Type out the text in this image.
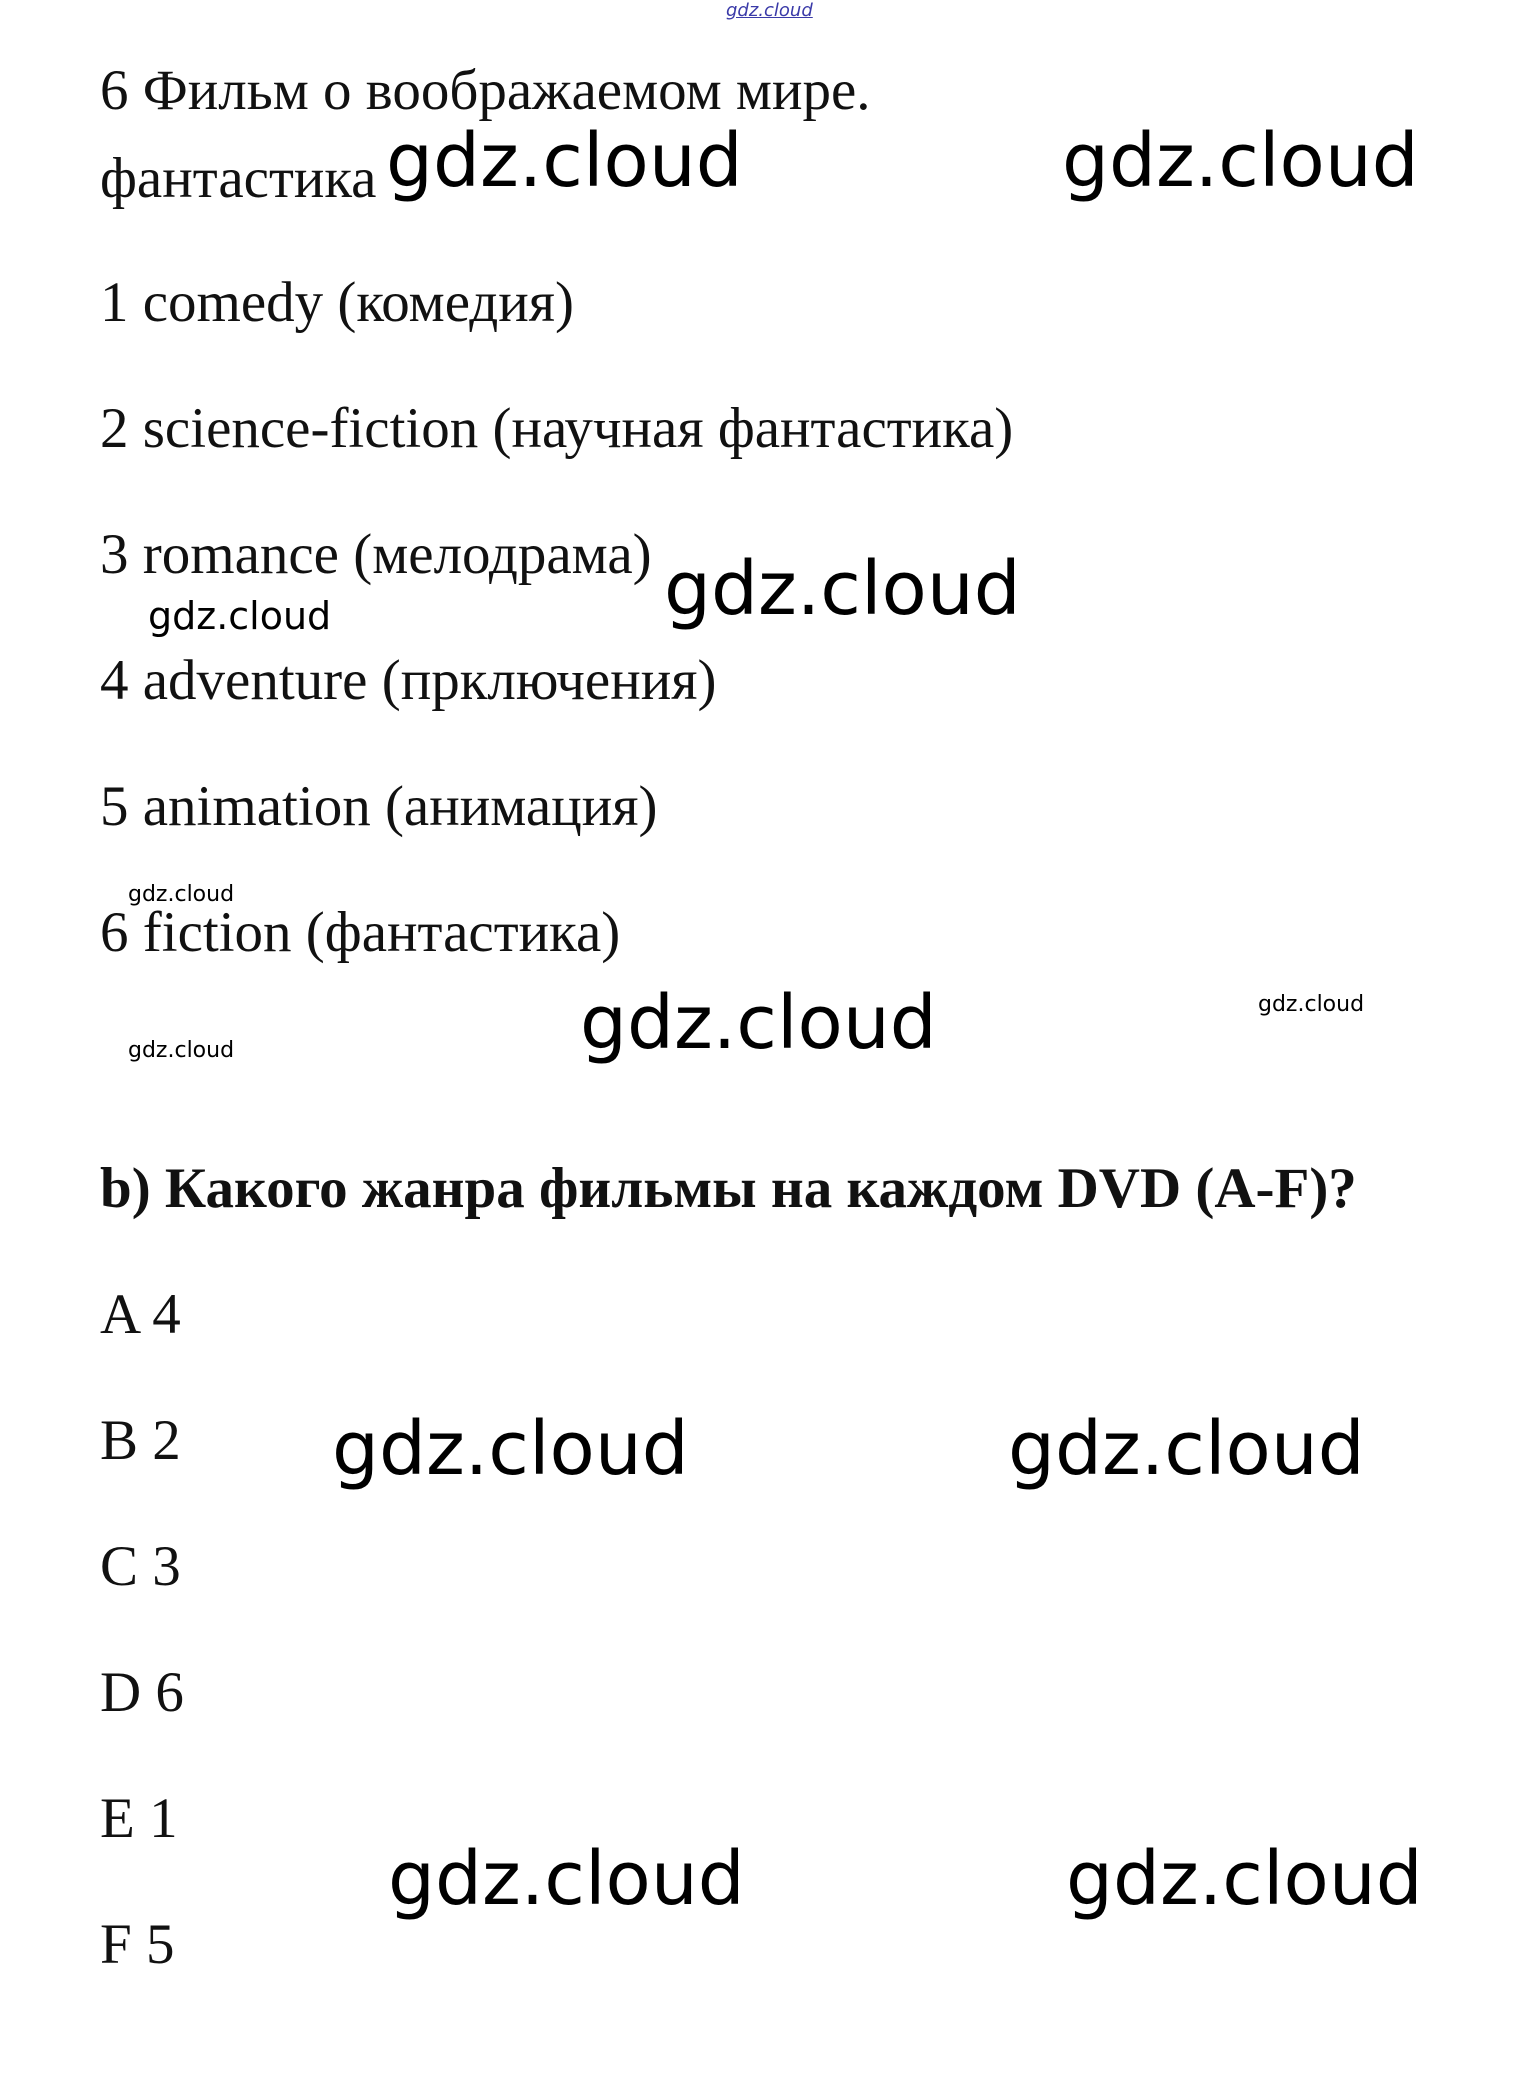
gdz.cloud
6 Фильм о воображаемом мире.
фантастика
1 comedy (комедия)
2 science-fiction (научная фантастика)
3 romance (мелодрама)
4 adventure (прключения)
5 animation (анимация)
6 fiction (фантастика)
b) Какого жанра фильмы на каждом DVD (A-F)?
A 4
B 2
C 3
D 6
E 1
F 5
gdz.cloud	gdz.cloud
gdz.cloud
gdz.cloud
gdz.cloud
gdz.cloud	gdz.cloud
gdz.cloud
gdz.cloud	gdz.cloud
gdz.cloud	gdz.cloud
